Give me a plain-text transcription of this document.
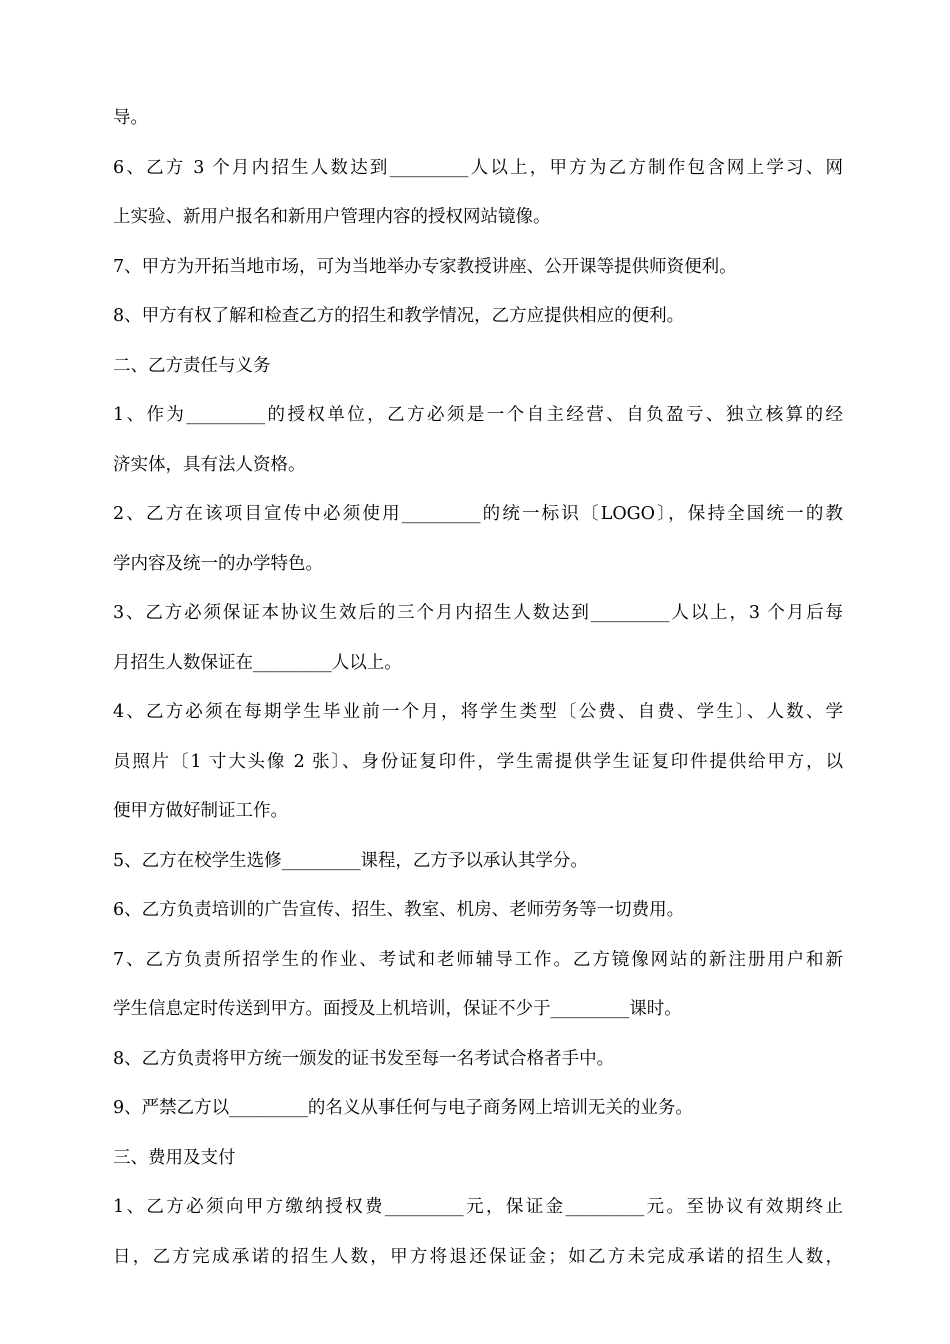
导。
6、乙方 3 个月内招生人数达到_________人以上，甲方为乙方制作包含网上学习、网
上实验、新用户报名和新用户管理内容的授权网站镜像。
7、甲方为开拓当地市场，可为当地举办专家教授讲座、公开课等提供师资便利。
8、甲方有权了解和检查乙方的招生和教学情况，乙方应提供相应的便利。
二、乙方责任与义务
1、作为_________的授权单位，乙方必须是一个自主经营、自负盈亏、独立核算的经
济实体，具有法人资格。
2、乙方在该项目宣传中必须使用_________的统一标识〔LOGO〕，保持全国统一的教
学内容及统一的办学特色。
3、乙方必须保证本协议生效后的三个月内招生人数达到_________人以上，3 个月后每
月招生人数保证在_________人以上。
4、乙方必须在每期学生毕业前一个月，将学生类型〔公费、自费、学生〕、人数、学
员照片〔1 寸大头像 2 张〕、身份证复印件，学生需提供学生证复印件提供给甲方，以
便甲方做好制证工作。
5、乙方在校学生选修_________课程，乙方予以承认其学分。
6、乙方负责培训的广告宣传、招生、教室、机房、老师劳务等一切费用。
7、乙方负责所招学生的作业、考试和老师辅导工作。乙方镜像网站的新注册用户和新
学生信息定时传送到甲方。面授及上机培训，保证不少于_________课时。
8、乙方负责将甲方统一颁发的证书发至每一名考试合格者手中。
9、严禁乙方以_________的名义从事任何与电子商务网上培训无关的业务。
三、费用及支付
1、乙方必须向甲方缴纳授权费_________元，保证金_________元。至协议有效期终止
日，乙方完成承诺的招生人数，甲方将退还保证金；如乙方未完成承诺的招生人数，
